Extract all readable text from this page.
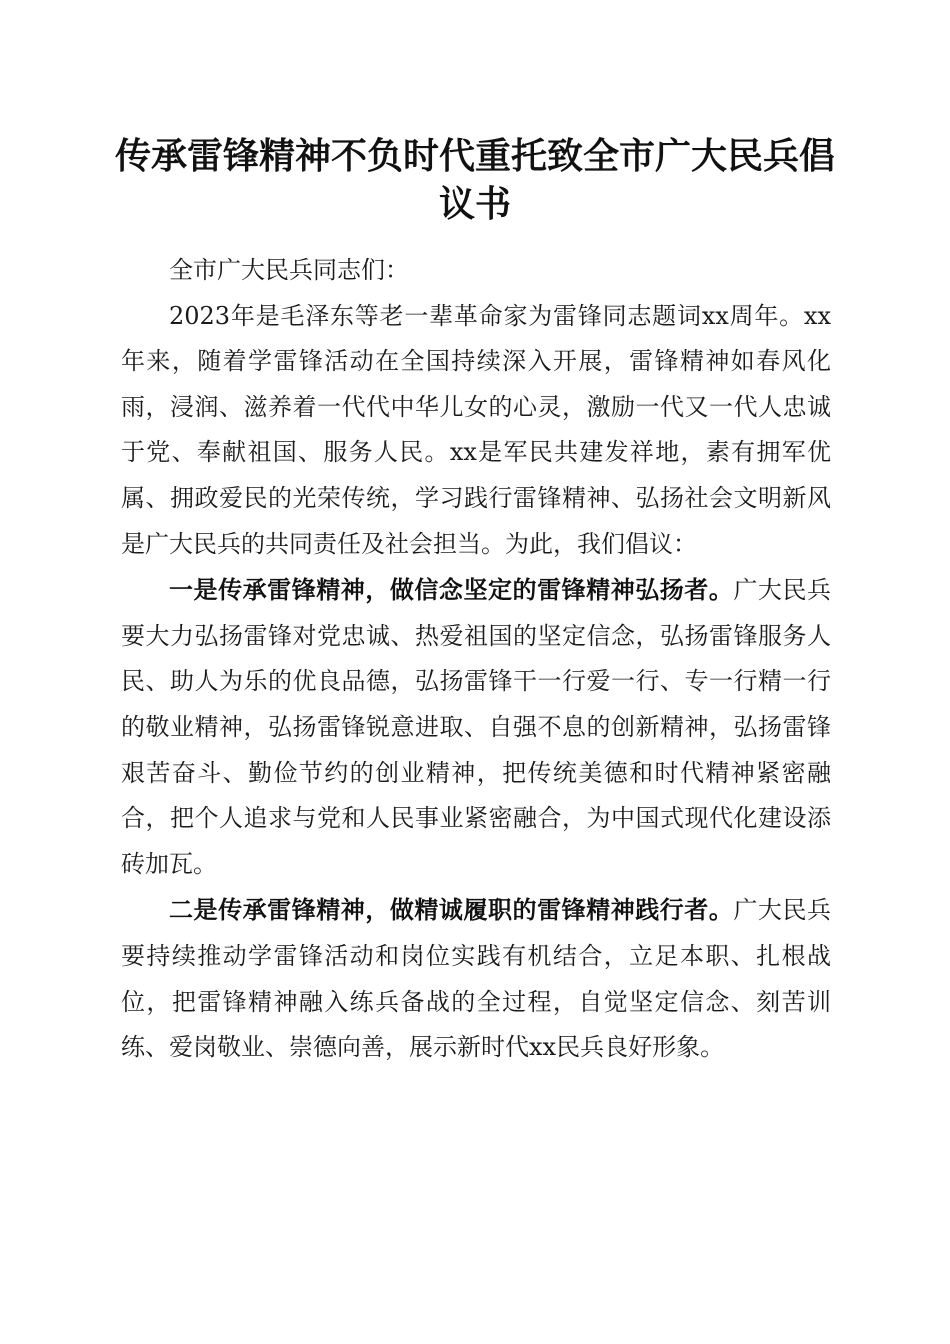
传承雷锋精神不负时代重托致全市广大民兵倡议书

全市广大民兵同志们：

2023年是毛泽东等老一辈革命家为雷锋同志题词xx周年。xx年来，随着学雷锋活动在全国持续深入开展，雷锋精神如春风化雨，浸润、滋养着一代代中华儿女的心灵，激励一代又一代人忠诚于党、奉献祖国、服务人民。xx是军民共建发祥地，素有拥军优属、拥政爱民的光荣传统，学习践行雷锋精神、弘扬社会文明新风是广大民兵的共同责任及社会担当。为此，我们倡议：

一是传承雷锋精神，做信念坚定的雷锋精神弘扬者。广大民兵要大力弘扬雷锋对党忠诚、热爱祖国的坚定信念，弘扬雷锋服务人民、助人为乐的优良品德，弘扬雷锋干一行爱一行、专一行精一行的敬业精神，弘扬雷锋锐意进取、自强不息的创新精神，弘扬雷锋艰苦奋斗、勤俭节约的创业精神，把传统美德和时代精神紧密融合，把个人追求与党和人民事业紧密融合，为中国式现代化建设添砖加瓦。

二是传承雷锋精神，做精诚履职的雷锋精神践行者。广大民兵要持续推动学雷锋活动和岗位实践有机结合，立足本职、扎根战位，把雷锋精神融入练兵备战的全过程，自觉坚定信念、刻苦训练、爱岗敬业、崇德向善，展示新时代xx民兵良好形象。
